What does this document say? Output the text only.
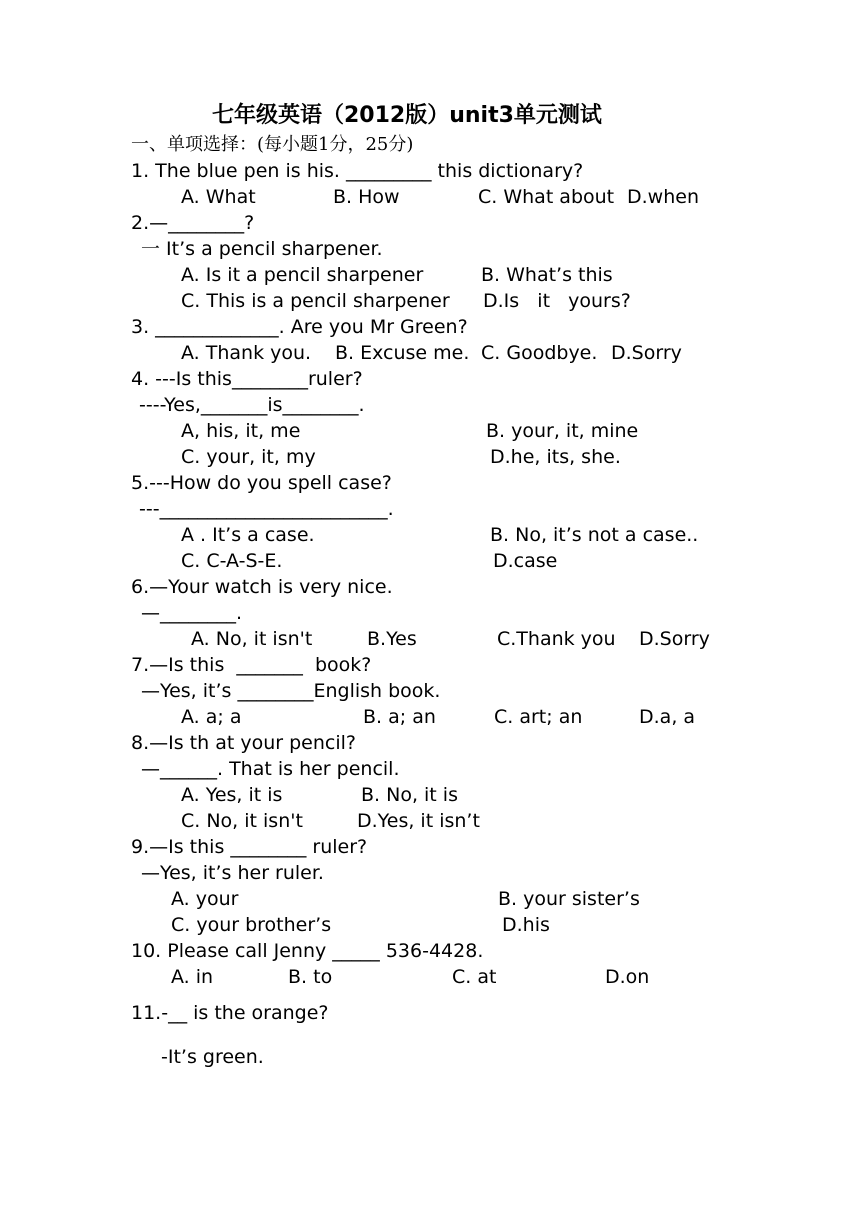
七年级英语（2012版）unit3单元测试
一、单项选择：(每小题1分，25分)
1. The blue pen is his. _________ this dictionary?
A. What	B. How	C. What about D.when
2.—________?
一 It’s a pencil sharpener.
A. Is it a pencil sharpener	B. What’s this
C. This is a pencil sharpener D.Is   it   yours?
3. _____________. Are you Mr Green?
A. Thank you. B. Excuse me. C. Goodbye. D.Sorry
4. ---Is this________ruler?
----Yes,_______is________.
A, his, it, me	B. your, it, mine
C. your, it, my	D.he, its, she.
5.---How do you spell case?
---________________________.
A . It’s a case.	B. No, it’s not a case..
C. C-A-S-E.	D.case
6.—Your watch is very nice.
—________.
A. No, it isn't	B.Yes	C.Thank you D.Sorry
7.—Is this  _______  book?
—Yes, it’s ________English book.
A. a; a	B. a; an	C. art; an	D.a, a
8.—Is th at your pencil?
—______. That is her pencil.
A. Yes, it is	B. No, it is
C. No, it isn't	D.Yes, it isn’t
9.—Is this ________ ruler?
—Yes, it’s her ruler.
A. your	B. your sister’s
C. your brother’s	D.his
10. Please call Jenny _____ 536-4428.
A. in	B. to	C. at	D.on
11.-__ is the orange?
-It’s green.
